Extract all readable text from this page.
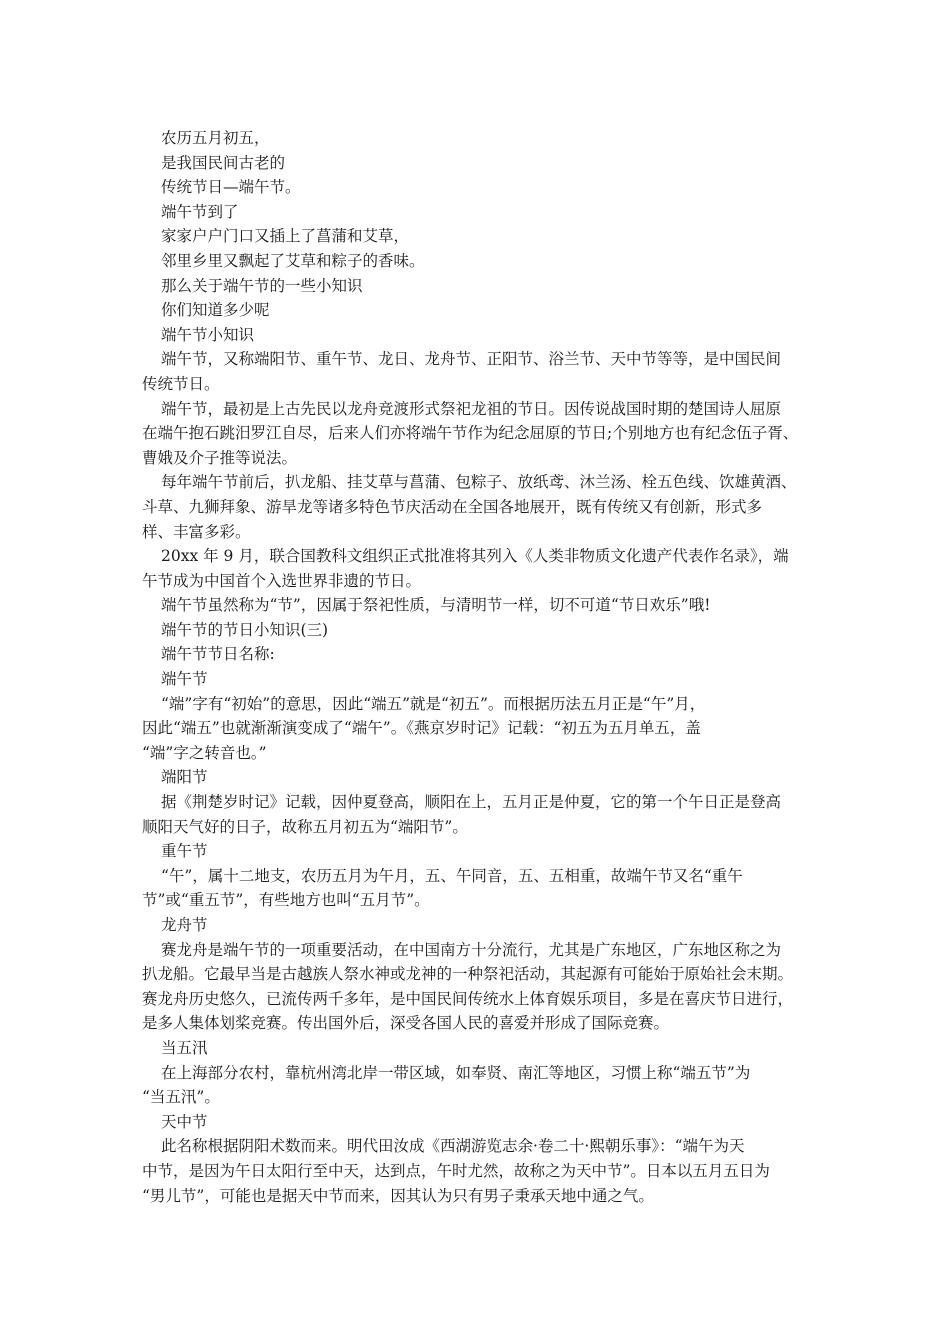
农历五月初五，
是我国民间古老的
传统节日—端午节。
端午节到了
家家户户门口又插上了菖蒲和艾草，
邻里乡里又飘起了艾草和粽子的香味。
那么关于端午节的一些小知识
你们知道多少呢
端午节小知识
端午节，又称端阳节、重午节、龙日、龙舟节、正阳节、浴兰节、天中节等等，是中国民间
传统节日。
端午节，最初是上古先民以龙舟竞渡形式祭祀龙祖的节日。因传说战国时期的楚国诗人屈原
在端午抱石跳汨罗江自尽，后来人们亦将端午节作为纪念屈原的节日;个别地方也有纪念伍子胥、
曹娥及介子推等说法。
每年端午节前后，扒龙船、挂艾草与菖蒲、包粽子、放纸鸢、沐兰汤、栓五色线、饮雄黄酒、
斗草、九狮拜象、游旱龙等诸多特色节庆活动在全国各地展开，既有传统又有创新，形式多
样、丰富多彩。
20xx 年 9 月，联合国教科文组织正式批准将其列入《人类非物质文化遗产代表作名录》，端
午节成为中国首个入选世界非遗的节日。
端午节虽然称为“节”，因属于祭祀性质，与清明节一样，切不可道“节日欢乐”哦!
端午节的节日小知识(三)
端午节节日名称:
端午节
“端”字有“初始”的意思，因此“端五”就是“初五”。而根据历法五月正是“午”月，
因此“端五”也就渐渐演变成了“端午”。《燕京岁时记》记载：“初五为五月单五，盖
“端”字之转音也。”
端阳节
据《荆楚岁时记》记载，因仲夏登高，顺阳在上，五月正是仲夏，它的第一个午日正是登高
顺阳天气好的日子，故称五月初五为“端阳节”。
重午节
“午”，属十二地支，农历五月为午月，五、午同音，五、五相重，故端午节又名“重午
节”或“重五节”，有些地方也叫“五月节”。
龙舟节
赛龙舟是端午节的一项重要活动，在中国南方十分流行，尤其是广东地区，广东地区称之为
扒龙船。它最早当是古越族人祭水神或龙神的一种祭祀活动，其起源有可能始于原始社会末期。
赛龙舟历史悠久，已流传两千多年，是中国民间传统水上体育娱乐项目，多是在喜庆节日进行，
是多人集体划桨竞赛。传出国外后，深受各国人民的喜爱并形成了国际竞赛。
当五汛
在上海部分农村，靠杭州湾北岸一带区域，如奉贤、南汇等地区，习惯上称“端五节”为
“当五汛”。
天中节
此名称根据阴阳术数而来。明代田汝成《西湖游览志余·卷二十·熙朝乐事》：“端午为天
中节，是因为午日太阳行至中天，达到点，午时尤然，故称之为天中节”。日本以五月五日为
“男儿节”，可能也是据天中节而来，因其认为只有男子秉承天地中通之气。
